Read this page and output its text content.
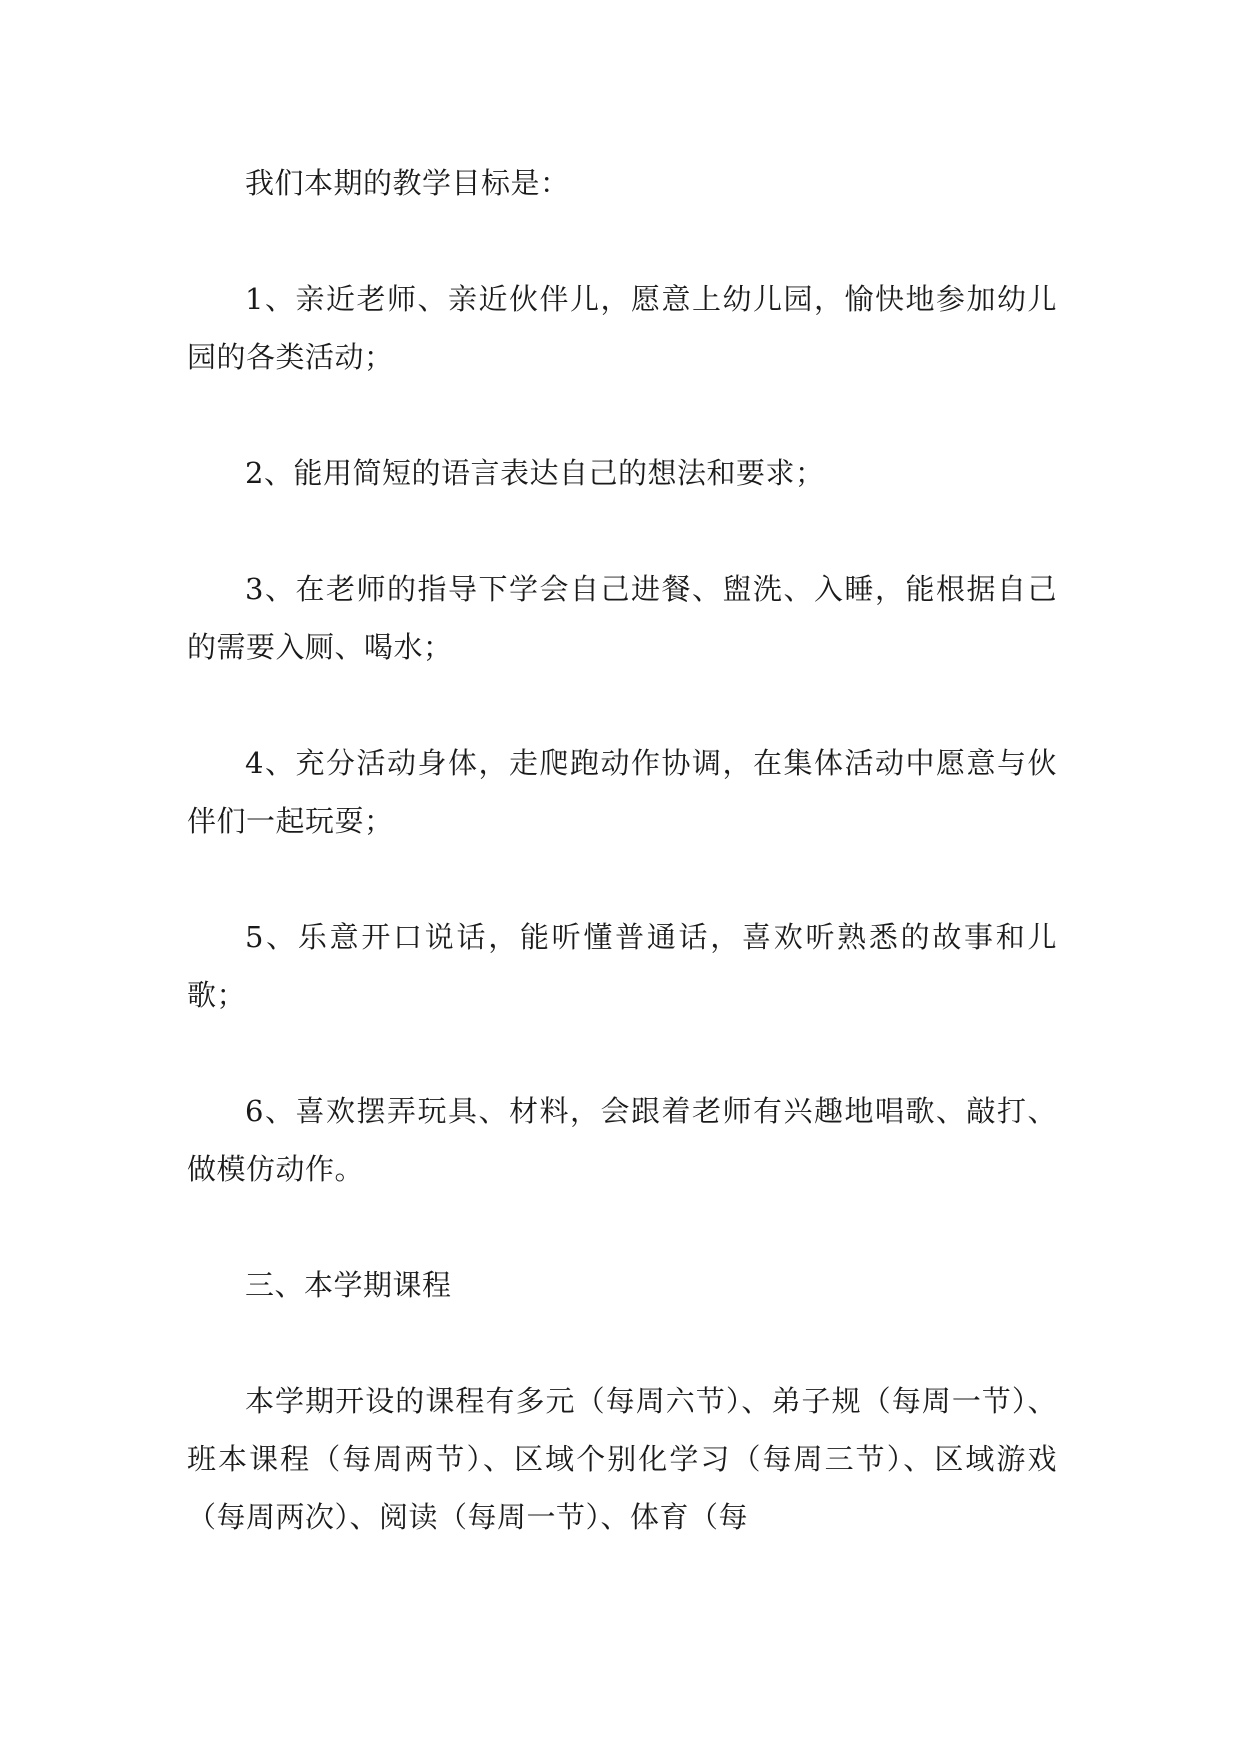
我们本期的教学目标是：

1、亲近老师、亲近伙伴儿，愿意上幼儿园，愉快地参加幼儿园的各类活动；

2、能用简短的语言表达自己的想法和要求；

3、在老师的指导下学会自己进餐、盥洗、入睡，能根据自己的需要入厕、喝水；

4、充分活动身体，走爬跑动作协调，在集体活动中愿意与伙伴们一起玩耍；

5、乐意开口说话，能听懂普通话，喜欢听熟悉的故事和儿歌；

6、喜欢摆弄玩具、材料，会跟着老师有兴趣地唱歌、敲打、做模仿动作。

三、本学期课程

本学期开设的课程有多元（每周六节）、弟子规（每周一节）、班本课程（每周两节）、区域个别化学习（每周三节）、区域游戏（每周两次）、阅读（每周一节）、体育（每
